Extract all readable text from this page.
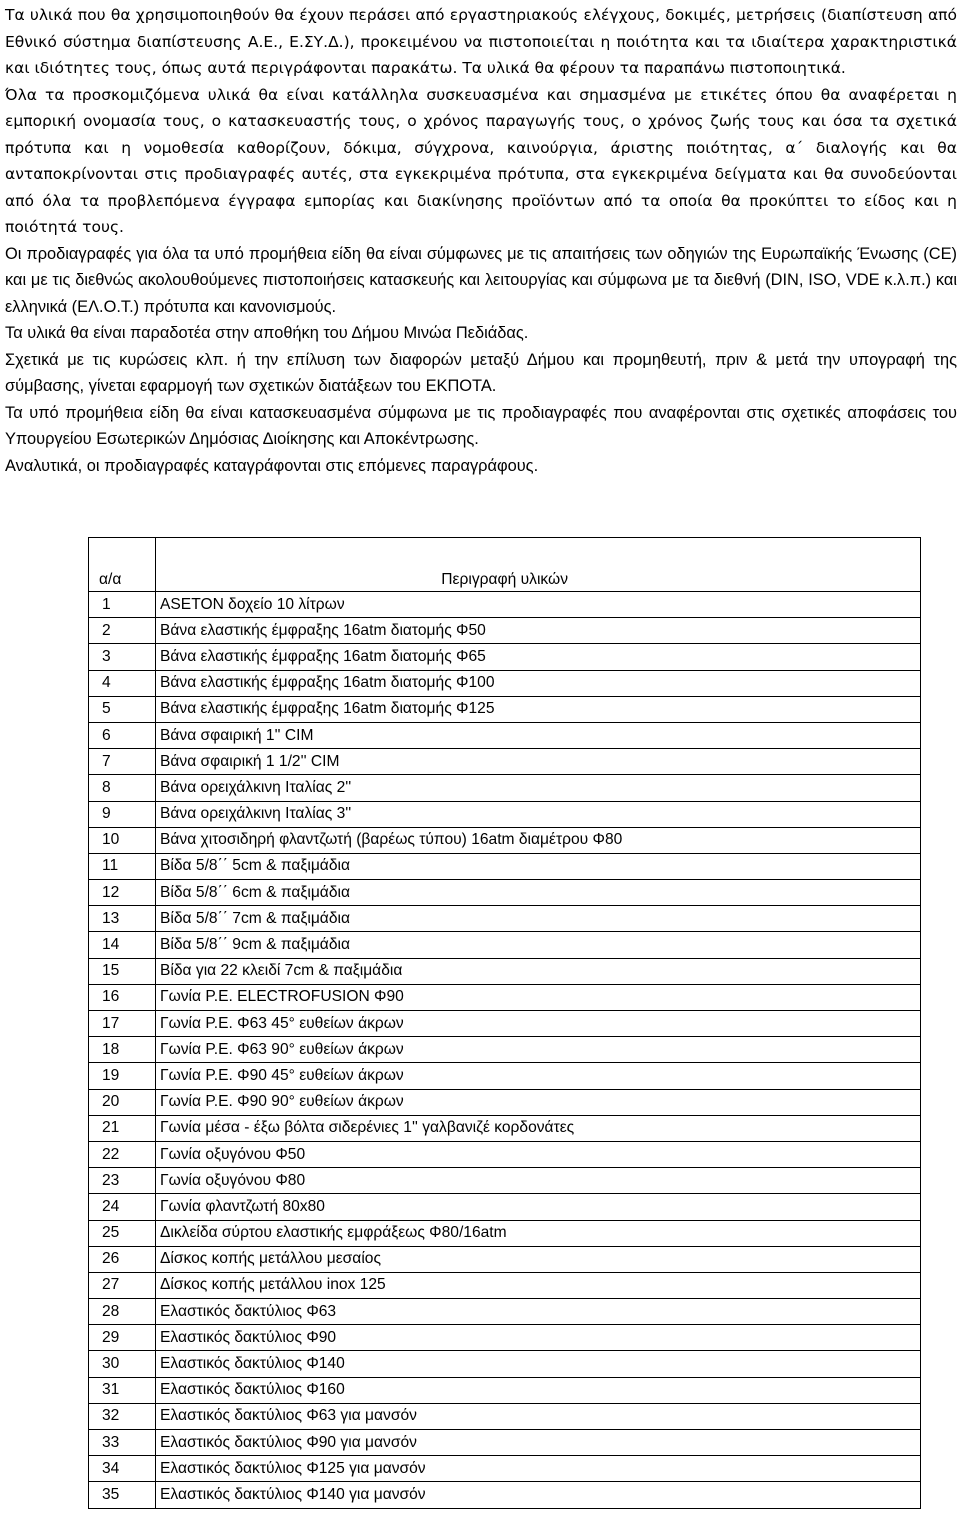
Τα υλικά που θα χρησιμοποιηθούν θα έχουν περάσει από εργαστηριακούς ελέγχους, δοκιμές, μετρήσεις (διαπίστευση από Εθνικό σύστημα διαπίστευσης Α.Ε., Ε.ΣΥ.Δ.), προκειμένου να πιστοποιείται η ποιότητα και τα ιδιαίτερα χαρακτηριστικά και ιδιότητες τους, όπως αυτά περιγράφονται παρακάτω. Τα υλικά θα φέρουν τα παραπάνω πιστοποιητικά.

Όλα τα προσκομιζόμενα υλικά θα είναι κατάλληλα συσκευασμένα και σημασμένα με ετικέτες όπου θα αναφέρεται η εμπορική ονομασία τους, ο κατασκευαστής τους, ο χρόνος παραγωγής τους, ο χρόνος ζωής τους και όσα τα σχετικά πρότυπα και η νομοθεσία καθορίζουν, δόκιμα, σύγχρονα, καινούργια, άριστης ποιότητας, α΄ διαλογής και θα ανταποκρίνονται στις προδιαγραφές αυτές, στα εγκεκριμένα πρότυπα, στα εγκεκριμένα δείγματα και θα συνοδεύονται από όλα τα προβλεπόμενα έγγραφα εμπορίας και διακίνησης προϊόντων από τα οποία θα προκύπτει το είδος και η ποιότητά τους.

Οι προδιαγραφές για όλα τα υπό προμήθεια είδη θα είναι σύμφωνες με τις απαιτήσεις των οδηγιών της Ευρωπαϊκής Ένωσης (CE) και με τις διεθνώς ακολουθούμενες πιστοποιήσεις κατασκευής και λειτουργίας και σύμφωνα με τα διεθνή (DIN, ISO, VDE κ.λ.π.) και ελληνικά (ΕΛ.Ο.Τ.) πρότυπα και κανονισμούς.

Τα υλικά θα είναι παραδοτέα στην αποθήκη του Δήμου Μινώα Πεδιάδας.

Σχετικά με τις κυρώσεις κλπ. ή την επίλυση των διαφορών μεταξύ Δήμου και προμηθευτή, πριν & μετά την υπογραφή της σύμβασης, γίνεται εφαρμογή των σχετικών διατάξεων του ΕΚΠΟΤΑ.

Τα υπό προμήθεια είδη θα είναι κατασκευασμένα σύμφωνα με τις προδιαγραφές που αναφέρονται στις σχετικές αποφάσεις του Υπουργείου Εσωτερικών Δημόσιας Διοίκησης και Αποκέντρωσης.

Αναλυτικά, οι προδιαγραφές καταγράφονται στις επόμενες παραγράφους.

α/α	Περιγραφή υλικών
1	ASETON δοχείο 10 λίτρων
2	Βάνα ελαστικής έμφραξης 16atm διατομής Φ50
3	Βάνα ελαστικής έμφραξης 16atm διατομής Φ65
4	Βάνα ελαστικής έμφραξης 16atm διατομής Φ100
5	Βάνα ελαστικής έμφραξης 16atm διατομής Φ125
6	Βάνα σφαιρική 1'' CIM
7	Βάνα σφαιρική 1 1/2'' CIM
8	Βάνα ορειχάλκινη Ιταλίας 2''
9	Βάνα ορειχάλκινη Ιταλίας 3''
10	Βάνα χιτοσιδηρή φλαντζωτή (βαρέως τύπου) 16atm διαμέτρου Φ80
11	Βίδα 5/8΄΄ 5cm & παξιμάδια
12	Βίδα 5/8΄΄ 6cm & παξιμάδια
13	Βίδα 5/8΄΄ 7cm & παξιμάδια
14	Βίδα 5/8΄΄ 9cm & παξιμάδια
15	Βίδα για 22 κλειδί 7cm & παξιμάδια
16	Γωνία P.E. ELECTROFUSION Φ90
17	Γωνία P.E. Φ63 45° ευθείων άκρων
18	Γωνία P.E. Φ63 90° ευθείων άκρων
19	Γωνία P.E. Φ90 45° ευθείων άκρων
20	Γωνία P.E. Φ90 90° ευθείων άκρων
21	Γωνία μέσα - έξω βόλτα σιδερένιες 1'' γαλβανιζέ κορδονάτες
22	Γωνία οξυγόνου Φ50
23	Γωνία οξυγόνου Φ80
24	Γωνία φλαντζωτή 80x80
25	Δικλείδα σύρτου ελαστικής εμφράξεως Φ80/16atm
26	Δίσκος κοπής μετάλλου μεσαίος
27	Δίσκος κοπής μετάλλου inox 125
28	Ελαστικός δακτύλιος Φ63
29	Ελαστικός δακτύλιος Φ90
30	Ελαστικός δακτύλιος Φ140
31	Ελαστικός δακτύλιος Φ160
32	Ελαστικός δακτύλιος Φ63 για μανσόν
33	Ελαστικός δακτύλιος Φ90 για μανσόν
34	Ελαστικός δακτύλιος Φ125 για μανσόν
35	Ελαστικός δακτύλιος Φ140 για μανσόν
